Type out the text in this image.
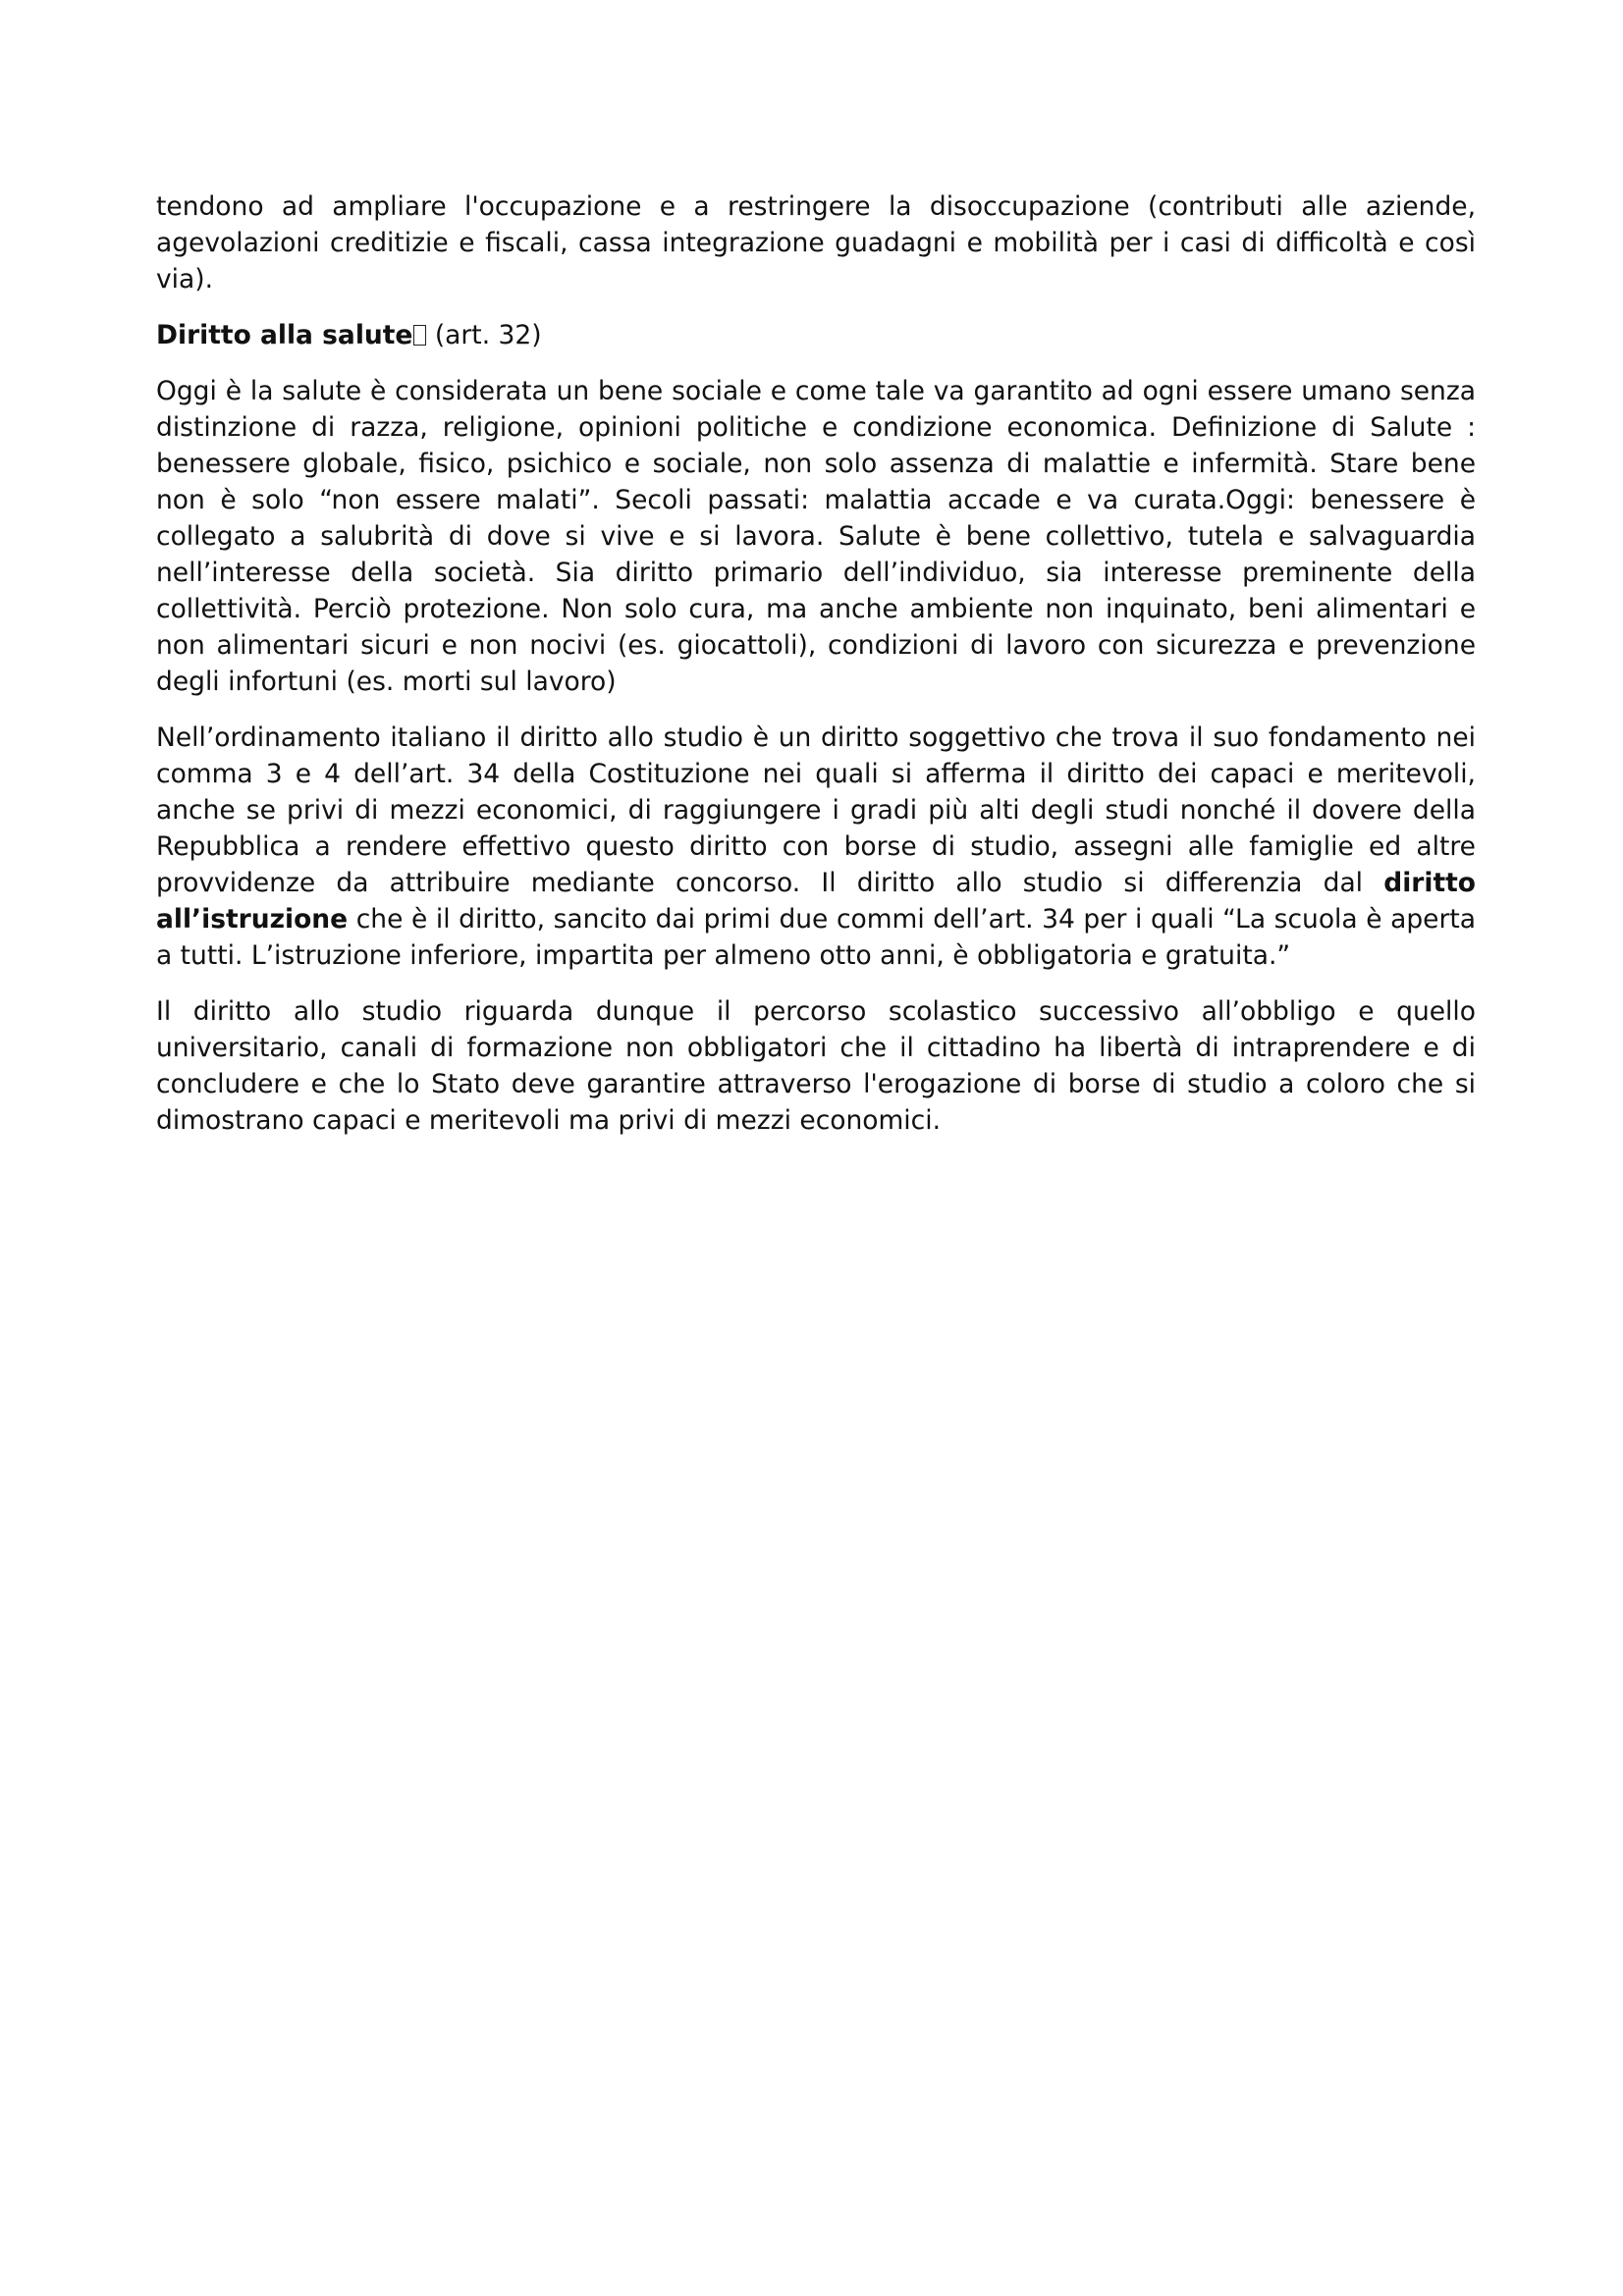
tendono ad ampliare l'occupazione e a restringere la disoccupazione (contributi alle aziende, agevolazioni creditizie e fiscali, cassa integrazione guadagni e mobilità per i casi di difficoltà e così via).

Diritto alla salute (art. 32)

Oggi è la salute è considerata un bene sociale e come tale va garantito ad ogni essere umano senza distinzione di razza, religione, opinioni politiche e condizione economica. Definizione di Salute : benessere globale, fisico, psichico e sociale, non solo assenza di malattie e infermità. Stare bene non è solo “non essere malati”. Secoli passati: malattia accade e va curata.Oggi: benessere è collegato a salubrità di dove si vive e si lavora. Salute è bene collettivo, tutela e salvaguardia nell’interesse della società. Sia diritto primario dell’individuo, sia interesse preminente della collettività. Perciò protezione. Non solo cura, ma anche ambiente non inquinato, beni alimentari e non alimentari sicuri e non nocivi (es. giocattoli), condizioni di lavoro con sicurezza e prevenzione degli infortuni (es. morti sul lavoro)

Nell’ordinamento italiano il diritto allo studio è un diritto soggettivo che trova il suo fondamento nei comma 3 e 4 dell’art. 34 della Costituzione nei quali si afferma il diritto dei capaci e meritevoli, anche se privi di mezzi economici, di raggiungere i gradi più alti degli studi nonché il dovere della Repubblica a rendere effettivo questo diritto con borse di studio, assegni alle famiglie ed altre provvidenze da attribuire mediante concorso. Il diritto allo studio si differenzia dal diritto all’istruzione che è il diritto, sancito dai primi due commi dell’art. 34 per i quali “La scuola è aperta a tutti. L’istruzione inferiore, impartita per almeno otto anni, è obbligatoria e gratuita.”

Il diritto allo studio riguarda dunque il percorso scolastico successivo all’obbligo e quello universitario, canali di formazione non obbligatori che il cittadino ha libertà di intraprendere e di concludere e che lo Stato deve garantire attraverso l'erogazione di borse di studio a coloro che si dimostrano capaci e meritevoli ma privi di mezzi economici.
